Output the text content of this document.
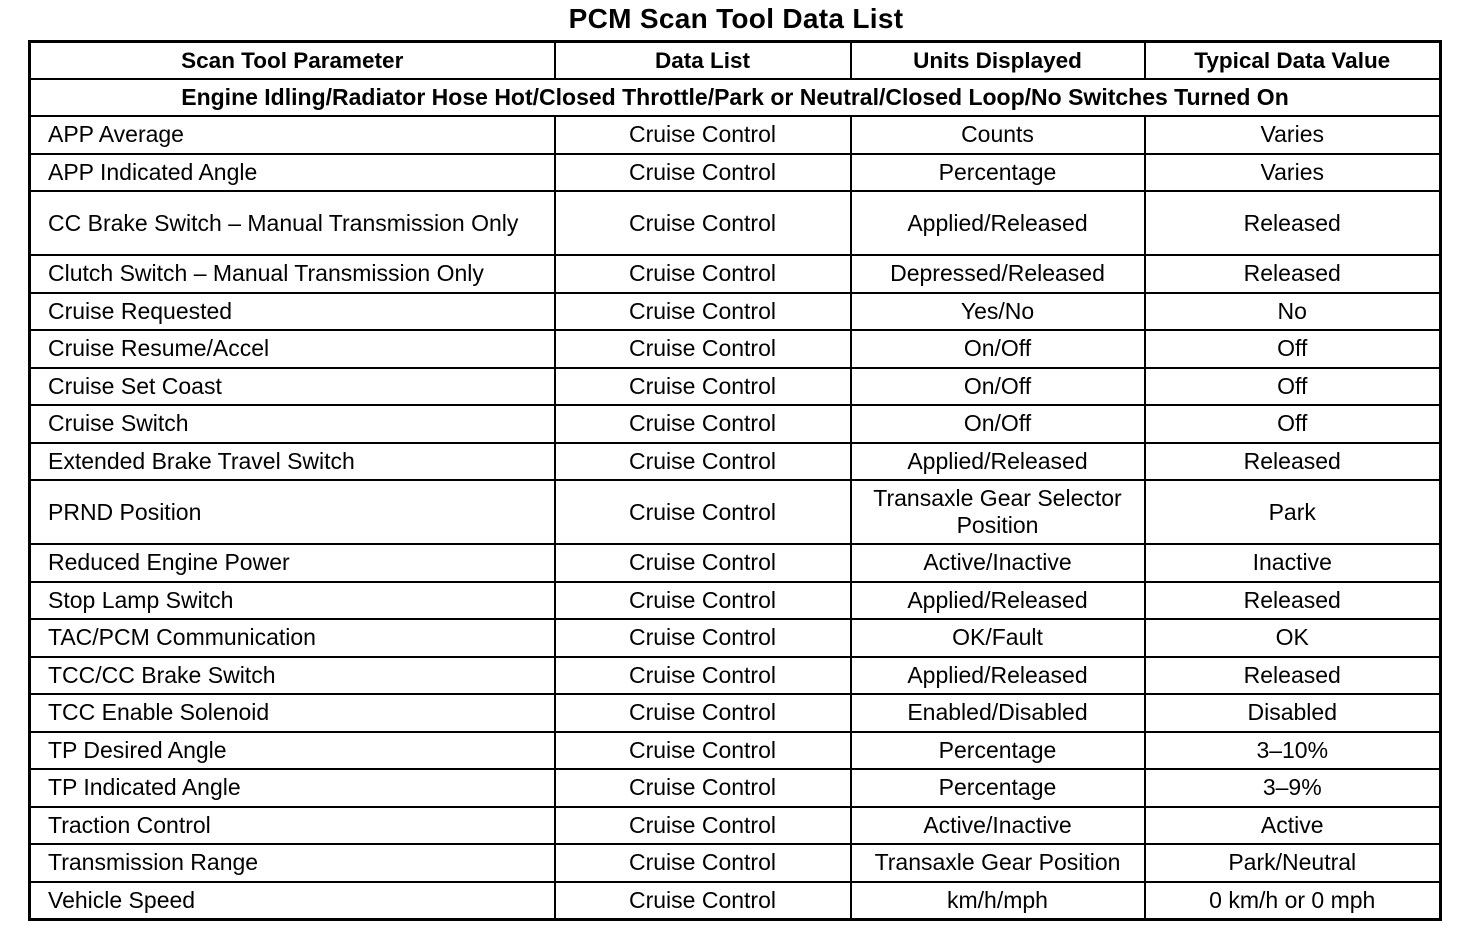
PCM Scan Tool Data List
Scan Tool Parameter	Data List	Units Displayed	Typical Data Value
Engine Idling/Radiator Hose Hot/Closed Throttle/Park or Neutral/Closed Loop/No Switches Turned On			
APP Average	Cruise Control	Counts	Varies
APP Indicated Angle	Cruise Control	Percentage	Varies
CC Brake Switch – Manual Transmission Only	Cruise Control	Applied/Released	Released
Clutch Switch – Manual Transmission Only	Cruise Control	Depressed/Released	Released
Cruise Requested	Cruise Control	Yes/No	No
Cruise Resume/Accel	Cruise Control	On/Off	Off
Cruise Set Coast	Cruise Control	On/Off	Off
Cruise Switch	Cruise Control	On/Off	Off
Extended Brake Travel Switch	Cruise Control	Applied/Released	Released
PRND Position	Cruise Control	Transaxle Gear Selector Position	Park
Reduced Engine Power	Cruise Control	Active/Inactive	Inactive
Stop Lamp Switch	Cruise Control	Applied/Released	Released
TAC/PCM Communication	Cruise Control	OK/Fault	OK
TCC/CC Brake Switch	Cruise Control	Applied/Released	Released
TCC Enable Solenoid	Cruise Control	Enabled/Disabled	Disabled
TP Desired Angle	Cruise Control	Percentage	3–10%
TP Indicated Angle	Cruise Control	Percentage	3–9%
Traction Control	Cruise Control	Active/Inactive	Active
Transmission Range	Cruise Control	Transaxle Gear Position	Park/Neutral
Vehicle Speed	Cruise Control	km/h/mph	0 km/h or 0 mph
